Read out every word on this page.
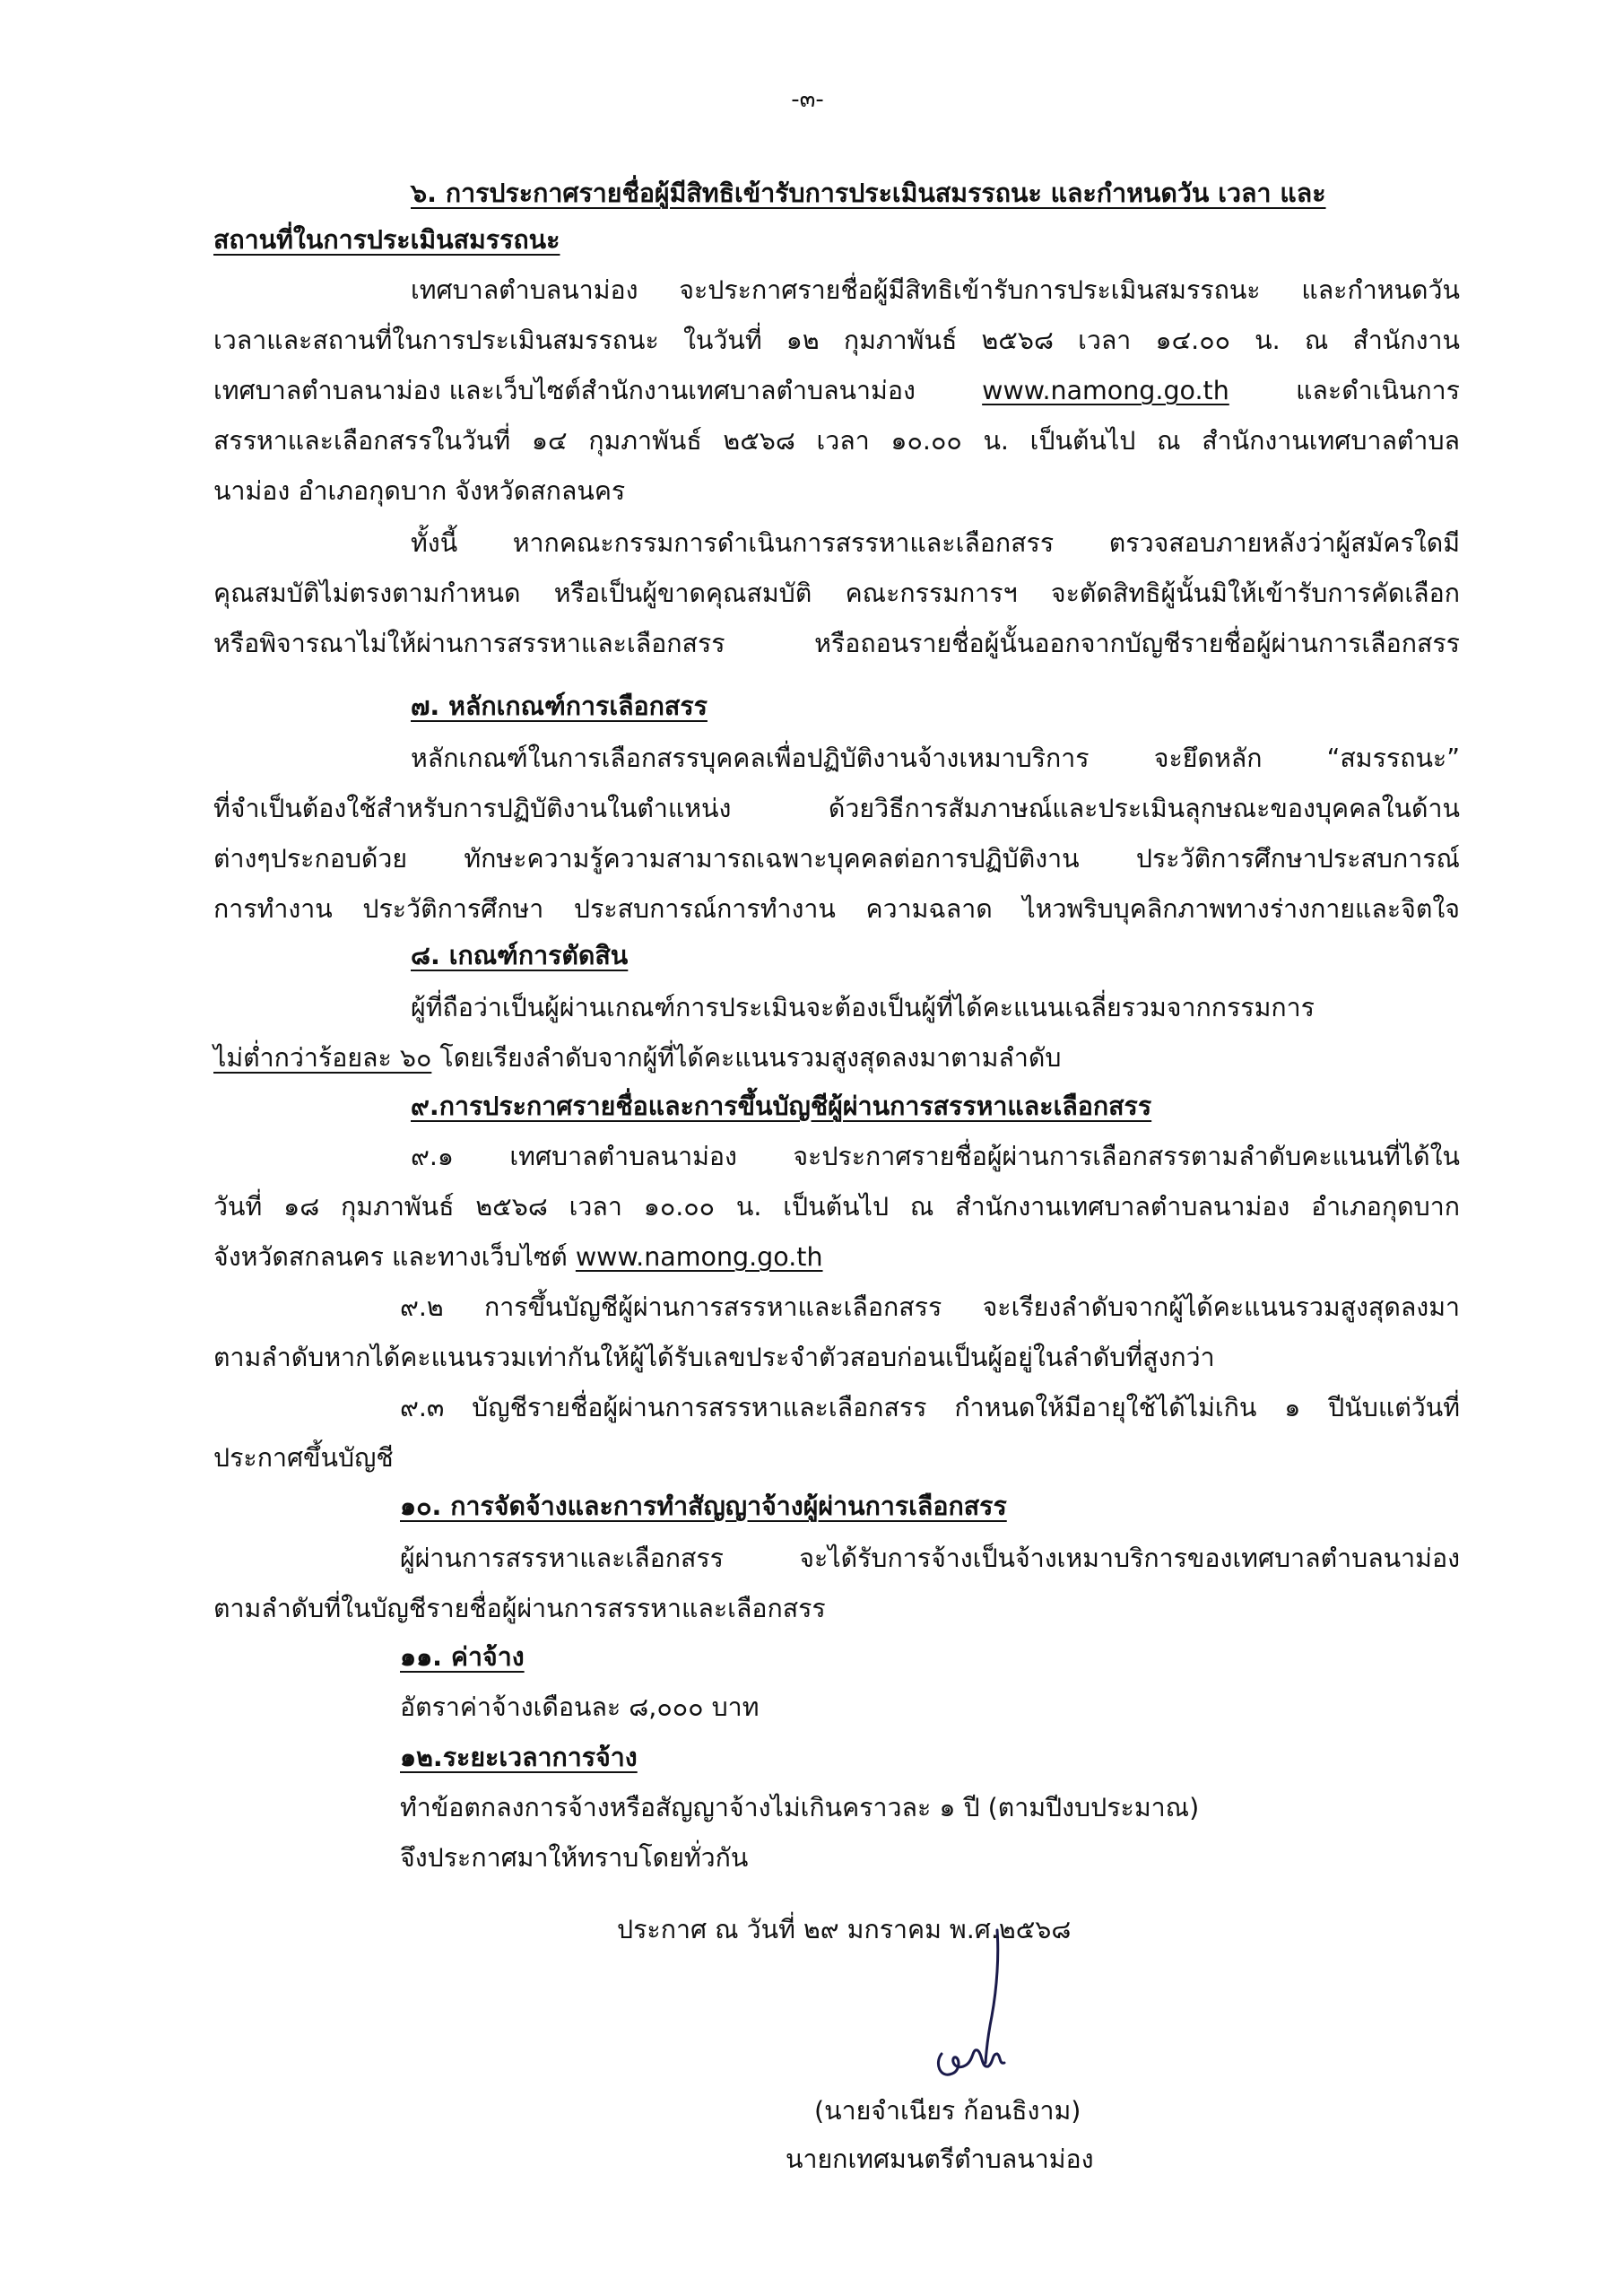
-๓-
๖. การประกาศรายชื่อผู้มีสิทธิเข้ารับการประเมินสมรรถนะ และกำหนดวัน เวลา และ
สถานที่ในการประเมินสมรรถนะ
เทศบาลตำบลนาม่อง จะประกาศรายชื่อผู้มีสิทธิเข้ารับการประเมินสมรรถนะ และกำหนดวัน
เวลาและสถานที่ในการประเมินสมรรถนะ ในวันที่ ๑๒ กุมภาพันธ์ ๒๕๖๘ เวลา ๑๔.๐๐ น. ณ สำนักงาน
เทศบาลตำบลนาม่อง และเว็บไซต์สำนักงานเทศบาลตำบลนาม่อง	www.namong.go.th	และดำเนินการ
สรรหาและเลือกสรรในวันที่ ๑๔ กุมภาพันธ์ ๒๕๖๘ เวลา ๑๐.๐๐ น. เป็นต้นไป ณ สำนักงานเทศบาลตำบล
นาม่อง อำเภอกุดบาก จังหวัดสกลนคร
ทั้งนี้ หากคณะกรรมการดำเนินการสรรหาและเลือกสรร ตรวจสอบภายหลังว่าผู้สมัครใดมี
คุณสมบัติไม่ตรงตามกำหนด หรือเป็นผู้ขาดคุณสมบัติ คณะกรรมการฯ จะตัดสิทธิผู้นั้นมิให้เข้ารับการคัดเลือก
หรือพิจารณาไม่ให้ผ่านการสรรหาและเลือกสรร หรือถอนรายชื่อผู้นั้นออกจากบัญชีรายชื่อผู้ผ่านการเลือกสรร
๗. หลักเกณฑ์การเลือกสรร
หลักเกณฑ์ในการเลือกสรรบุคคลเพื่อปฏิบัติงานจ้างเหมาบริการ จะยึดหลัก “สมรรถนะ”
ที่จำเป็นต้องใช้สำหรับการปฏิบัติงานในตำแหน่ง ด้วยวิธีการสัมภาษณ์และประเมินลุกษณะของบุคคลในด้าน
ต่างๆประกอบด้วย ทักษะความรู้ความสามารถเฉพาะบุคคลต่อการปฏิบัติงาน ประวัติการศึกษาประสบการณ์
การทำงาน ประวัติการศึกษา ประสบการณ์การทำงาน ความฉลาด ไหวพริบบุคลิกภาพทางร่างกายและจิตใจ
๘. เกณฑ์การตัดสิน
ผู้ที่ถือว่าเป็นผู้ผ่านเกณฑ์การประเมินจะต้องเป็นผู้ที่ได้คะแนนเฉลี่ยรวมจากกรรมการ
ไม่ต่ำกว่าร้อยละ ๖๐ โดยเรียงลำดับจากผู้ที่ได้คะแนนรวมสูงสุดลงมาตามลำดับ
๙.การประกาศรายชื่อและการขึ้นบัญชีผู้ผ่านการสรรหาและเลือกสรร
๙.๑ เทศบาลตำบลนาม่อง จะประกาศรายชื่อผู้ผ่านการเลือกสรรตามลำดับคะแนนที่ได้ใน
วันที่ ๑๘ กุมภาพันธ์ ๒๕๖๘ เวลา ๑๐.๐๐ น. เป็นต้นไป ณ สำนักงานเทศบาลตำบลนาม่อง อำเภอกุดบาก
จังหวัดสกลนคร และทางเว็บไซต์ www.namong.go.th
๙.๒ การขึ้นบัญชีผู้ผ่านการสรรหาและเลือกสรร จะเรียงลำดับจากผู้ได้คะแนนรวมสูงสุดลงมา
ตามลำดับหากได้คะแนนรวมเท่ากันให้ผู้ได้รับเลขประจำตัวสอบก่อนเป็นผู้อยู่ในลำดับที่สูงกว่า
๙.๓ บัญชีรายชื่อผู้ผ่านการสรรหาและเลือกสรร กำหนดให้มีอายุใช้ได้ไม่เกิน ๑ ปีนับแต่วันที่
ประกาศขึ้นบัญชี
๑๐. การจัดจ้างและการทำสัญญาจ้างผู้ผ่านการเลือกสรร
ผู้ผ่านการสรรหาและเลือกสรร จะได้รับการจ้างเป็นจ้างเหมาบริการของเทศบาลตำบลนาม่อง
ตามลำดับที่ในบัญชีรายชื่อผู้ผ่านการสรรหาและเลือกสรร
๑๑. ค่าจ้าง
อัตราค่าจ้างเดือนละ ๘,๐๐๐ บาท
๑๒.ระยะเวลาการจ้าง
ทำข้อตกลงการจ้างหรือสัญญาจ้างไม่เกินคราวละ ๑ ปี (ตามปีงบประมาณ)
จึงประกาศมาให้ทราบโดยทั่วกัน
ประกาศ ณ วันที่ ๒๙ มกราคม พ.ศ.๒๕๖๘
(นายจำเนียร ก้อนธิงาม)
นายกเทศมนตรีตำบลนาม่อง
